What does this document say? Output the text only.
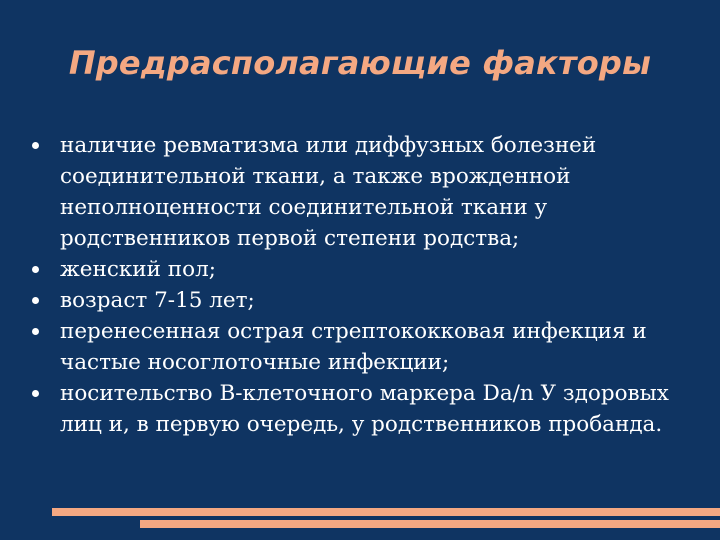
Предрасполагающие факторы
наличие ревматизма или диффузных болезней соединительной ткани, а также врожденной неполноценности соединительной ткани у родственников первой степени родства;
женский пол;
возраст 7-15 лет;
перенесенная острая стрептококковая инфекция и частые носоглоточные инфекции;
носительство В-клеточного маркера Da/n У здоровых лиц и, в первую очередь, у родственников пробанда.
